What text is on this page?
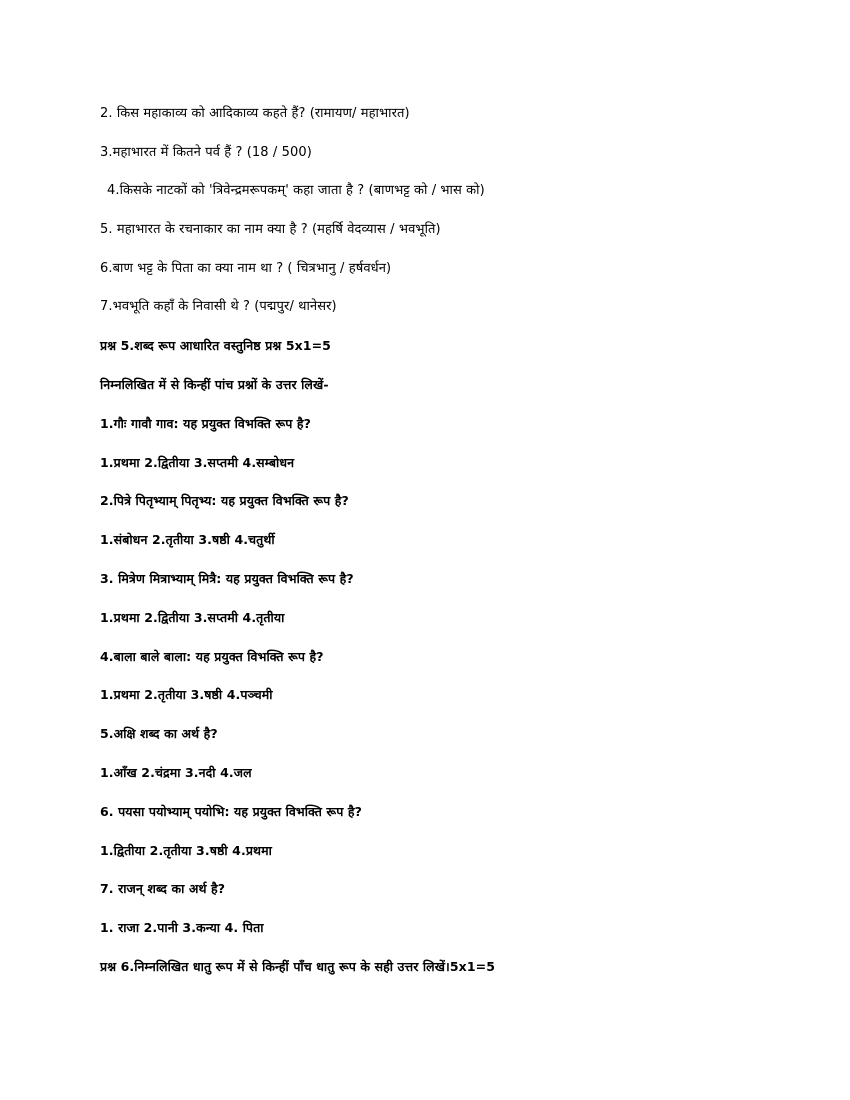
2. किस महाकाव्य को आदिकाव्य कहते हैं? (रामायण/ महाभारत)
3.महाभारत में कितने पर्व हैं ? (18 / 500)
4.किसके नाटकों को 'त्रिवेन्द्रमरूपकम्' कहा जाता है ? (बाणभट्ट को / भास को)
5. महाभारत के रचनाकार का नाम क्या है ? (महर्षि वेदव्यास / भवभूति)
6.बाण भट्ट के पिता का क्या नाम था ? ( चित्रभानु / हर्षवर्धन)
7.भवभूति कहाँ के निवासी थे ? (पद्मपुर/ थानेसर)
प्रश्न 5.शब्द रूप आधारित वस्तुनिष्ठ प्रश्न 5x1=5
निम्नलिखित में से किन्हीं पांच प्रश्नों के उत्तर लिखें-
1.गौः गावौ गाव: यह प्रयुक्त विभक्ति रूप है?
1.प्रथमा 2.द्वितीया 3.सप्तमी 4.सम्बोधन
2.पित्रे पितृभ्याम् पितृभ्य: यह प्रयुक्त विभक्ति रूप है?
1.संबोधन 2.तृतीया 3.षष्ठी 4.चतुर्थी
3. मित्रेण मित्राभ्याम् मित्रै: यह प्रयुक्त विभक्ति रूप है?
1.प्रथमा 2.द्वितीया 3.सप्तमी 4.तृतीया
4.बाला बाले बाला: यह प्रयुक्त विभक्ति रूप है?
1.प्रथमा 2.तृतीया 3.षष्ठी 4.पञ्चमी
5.अक्षि शब्द का अर्थ है?
1.आँख 2.चंद्रमा 3.नदी 4.जल
6. पयसा पयोभ्याम् पयोभि: यह प्रयुक्त विभक्ति रूप है?
1.द्वितीया 2.तृतीया 3.षष्ठी 4.प्रथमा
7. राजन् शब्द का अर्थ है?
1. राजा 2.पानी 3.कन्या 4. पिता
प्रश्न 6.निम्नलिखित धातु रूप में से किन्हीं पाँच धातु रूप के सही उत्तर लिखें।5x1=5
